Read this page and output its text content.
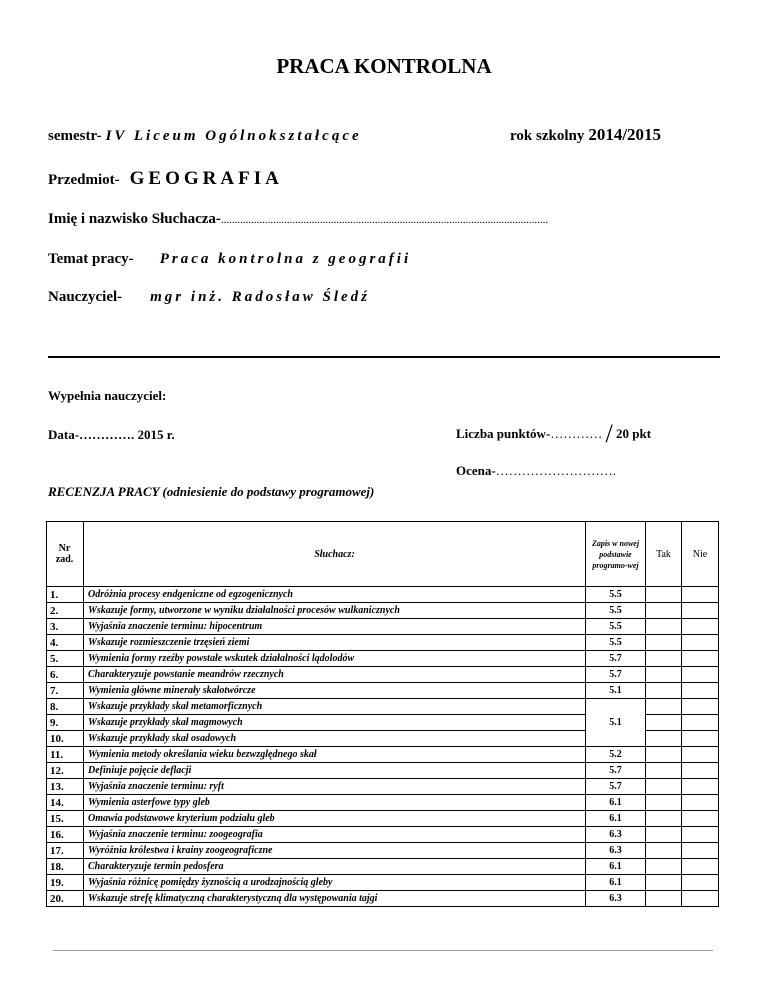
PRACA KONTROLNA
semestr- IV Liceum Ogólnokształcące	rok szkolny 2014/2015
Przedmiot- GEOGRAFIA
Imię i nazwisko Słuchacza-.......................................................................................................................
Temat pracy- Praca kontrolna z geografii
Nauczyciel- mgr inż. Radosław Śledź
Wypełnia nauczyciel:
Data-…………. 2015 r.	Liczba punktów-………… / 20 pkt
Ocena-……………………….
RECENZJA PRACY (odniesienie do podstawy programowej)
Nr zad.	Słuchacz:	Zapis w nowej podstawie programo-wej	Tak	Nie
1.	Odróżnia procesy endgeniczne od egzogenicznych	5.5		
2.	Wskazuje formy, utworzone w wyniku działalności procesów wulkanicznych	5.5		
3.	Wyjaśnia znaczenie terminu: hipocentrum	5.5		
4.	Wskazuje rozmieszczenie trzęsień ziemi	5.5		
5.	Wymienia formy rzeźby powstałe wskutek działalności lądolodów	5.7		
6.	Charakteryzuje powstanie meandrów rzecznych	5.7		
7.	Wymienia główne minerały skałotwórcze	5.1		
8.	Wskazuje przykłady skał metamorficznych	5.1		
9.	Wskazuje przykłady skał magmowych			
10.	Wskazuje przykłady skał osadowych			
11.	Wymienia metody określania wieku bezwzględnego skał	5.2		
12.	Definiuje pojęcie deflacji	5.7		
13.	Wyjaśnia znaczenie terminu: ryft	5.7		
14.	Wymienia asterfowe typy gleb	6.1		
15.	Omawia podstawowe kryterium podziału gleb	6.1		
16.	Wyjaśnia znaczenie terminu: zoogeografia	6.3		
17.	Wyróżnia królestwa i krainy zoogeograficzne	6.3		
18.	Charakteryzuje termin pedosfera	6.1		
19.	Wyjaśnia różnicę pomiędzy żyznością a urodzajnością gleby	6.1		
20.	Wskazuje strefę klimatyczną charakterystyczną dla występowania tajgi	6.3		
